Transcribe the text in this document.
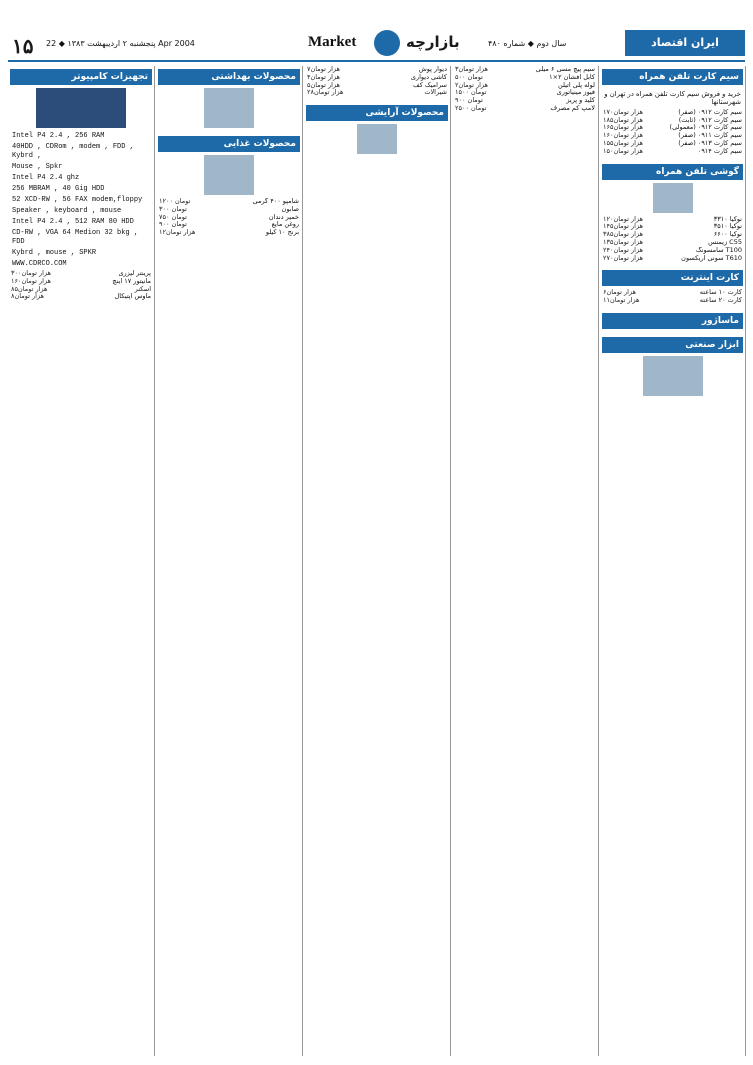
۱۵ پنجشنبه ۲ اردیبهشت ۱۳۸۳ ◆ 22 Apr 2004	Market	بازارچه	سال دوم ◆ شماره ۴۸۰	ایران اقتصاد
سیم کارت تلفن همراه
خرید و فروش سیم کارت تلفن همراه در تهران و شهرستانها
۱۷۰هزار تومان	سیم کارت ۰۹۱۲ (صفر)
۱۸۵هزار تومان	سیم کارت ۰۹۱۲ (ثابت)
۱۶۵هزار تومان	سیم کارت ۰۹۱۲ (معمولی)
۱۶۰هزار تومان	سیم کارت ۰۹۱۱ (صفر)
۱۵۵هزار تومان	سیم کارت ۰۹۱۳ (صفر)
۱۵۰هزار تومان	سیم کارت ۰۹۱۴
گوشی تلفن همراه
۱۲۰هزار تومان	نوکیا ۳۳۱۰
۱۴۵هزار تومان	نوکیا ۳۵۱۰
۳۸۵هزار تومان	نوکیا ۶۶۰۰
۱۳۵هزار تومان	زیمنس C55
۲۴۰هزار تومان	سامسونگ T100
۲۷۰هزار تومان	سونی اریکسون T610
کارت اینترنت
۶هزار تومان	کارت ۱۰ ساعته
۱۱هزار تومان	کارت ۲۰ ساعته
ماساژور
ابزار صنعتی
۳هزار تومان	سیم پیچ مسی ۶ میلی
۵۰۰ تومان	کابل افشان ۲×۱
۲هزار تومان	لوله پلی اتیلن
۱۵۰۰ تومان	فیوز مینیاتوری
۹۰۰ تومان	کلید و پریز
۲۵۰۰ تومان	لامپ کم مصرف
۷هزار تومان	دیوار پوش
۴هزار تومان	کاشی دیواری
۵هزار تومان	سرامیک کف
۲۸هزار تومان	شیرآلات
محصولات آرایشی
محصولات بهداشتی
محصولات غذایی
۱۲۰۰ تومان	شامپو ۴۰۰ گرمی
۳۰۰ تومان	صابون
۷۵۰ تومان	خمیر دندان
۹۰۰ تومان	روغن مایع
۱۲هزار تومان	برنج ۱۰ کیلو
تجهیزات کامپیوتر
Intel P4 2.4 , 256 RAM
40HDD , CDRom , modem , FDD , Kybrd ,
Mouse , Spkr
Intel P4 2.4 ghz
256 MBRAM , 40 Gig HDD
52 XCD-RW , 56 FAX modem,floppy
Speaker , keyboard , mouse
Intel P4 2.4 , 512 RAM 80 HDD
CD-RW , VGA 64 Medion 32 bkg , FDD
Kybrd , mouse , SPKR
WWW.CDRCO.COM
۳۰۰هزار تومان	پرینتر لیزری
۱۶۰هزار تومان	مانیتور ۱۷ اینچ
۸۵هزار تومان	اسکنر
۸هزار تومان	ماوس اپتیکال
